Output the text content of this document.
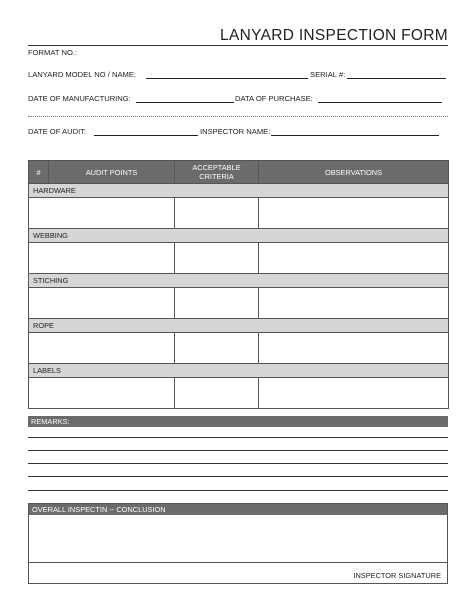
LANYARD INSPECTION FORM
FORMAT NO.:
LANYARD MODEL NO / NAME:	SERIAL #:
DATE OF MANUFACTURING:	DATA OF PURCHASE:
DATE OF AUDIT:	INSPECTOR NAME:
#	AUDIT POINTS	ACCEPTABLE CRITERIA	OBSERVATIONS
HARDWARE			

WEBBING			

STICHING			

ROPE			

LABELS			

REMARKS:
OVERALL INSPECTIN -- CONCLUSION
INSPECTOR SIGNATURE
